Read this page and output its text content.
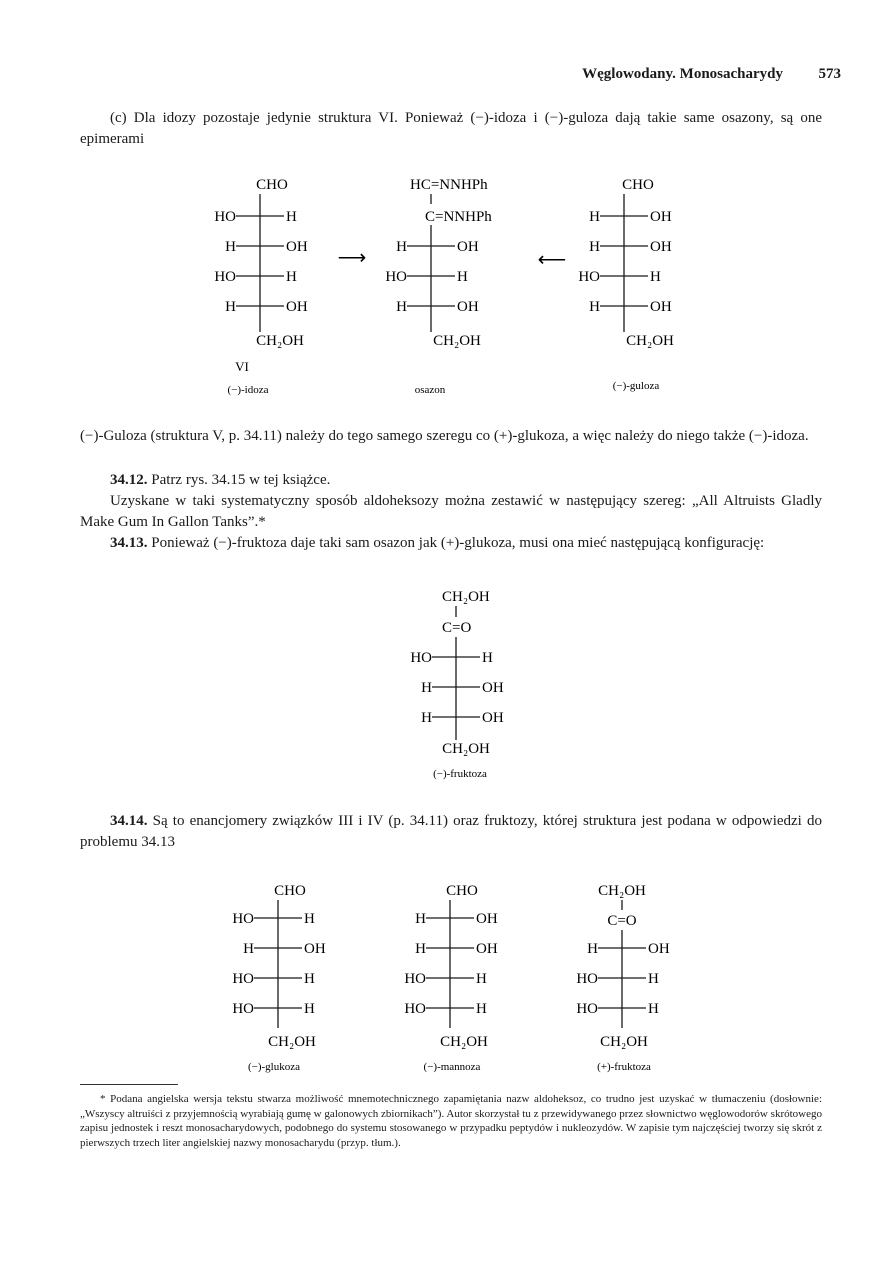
Węglowodany. Monosacharydy 573

(c) Dla idozy pozostaje jedynie struktura VI. Ponieważ (−)-idoza i (−)-guloza dają takie same osazony, są one epimerami

CHO
HO	H
H	OH
HO	H
H	OH
CH₂OH
VI
(−)-idoza
⟶
HC=NNHPh
C=NNHPh
H	OH
HO	H
H	OH
CH₂OH
osazon
⟵
CHO
H	OH
H	OH
HO	H
H	OH
CH₂OH
(−)-guloza

(−)-Guloza (struktura V, p. 34.11) należy do tego samego szeregu co (+)-glukoza, a więc należy do niego także (−)-idoza.

34.12. Patrz rys. 34.15 w tej książce.

Uzyskane w taki systematyczny sposób aldoheksozy można zestawić w następujący szereg: „All Altruists Gladly Make Gum In Gallon Tanks”.*

34.13. Ponieważ (−)-fruktoza daje taki sam osazon jak (+)-glukoza, musi ona mieć następującą konfigurację:

CH₂OH
C=O
HO	H
H	OH
H	OH
CH₂OH
(−)-fruktoza

34.14. Są to enancjomery związków III i IV (p. 34.11) oraz fruktozy, której struktura jest podana w odpowiedzi do problemu 34.13

CHO
HO	H
H	OH
HO	H
HO	H
CH₂OH
(−)-glukoza
CHO
H	OH
H	OH
HO	H
HO	H
CH₂OH
(−)-mannoza
CH₂OH
C=O
H	OH
HO	H
HO	H
CH₂OH
(+)-fruktoza

* Podana angielska wersja tekstu stwarza możliwość mnemotechnicznego zapamiętania nazw aldoheksoz, co trudno jest uzyskać w tłumaczeniu (dosłownie: „Wszyscy altruiści z przyjemnością wyrabiają gumę w galonowych zbiornikach”). Autor skorzystał tu z przewidywanego przez słownictwo węglowodorów skrótowego zapisu jednostek i reszt monosacharydowych, podobnego do systemu stosowanego w przypadku peptydów i nukleozydów. W zapisie tym najczęściej tworzy się skrót z pierwszych trzech liter angielskiej nazwy monosacharydu (przyp. tłum.).
